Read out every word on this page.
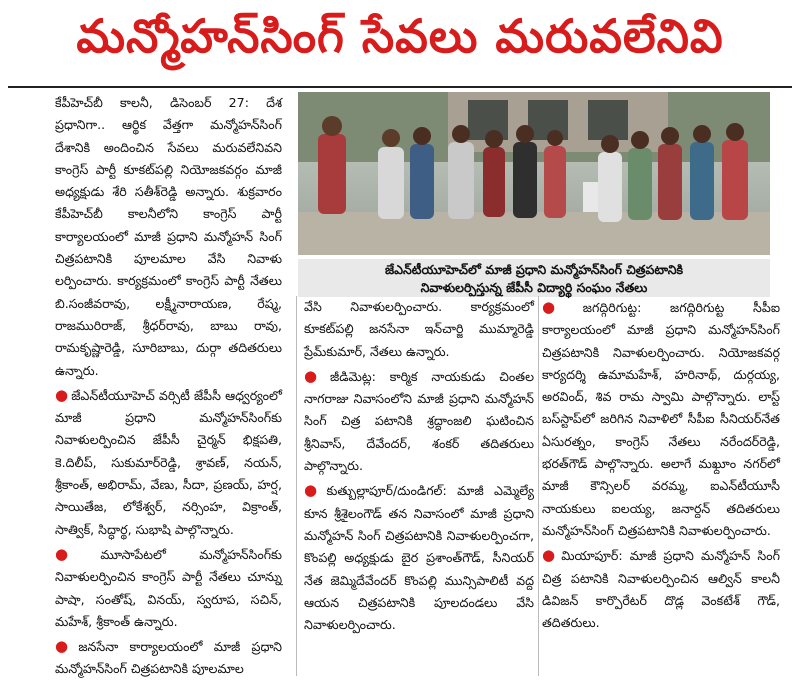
మన్మోహన్‌సింగ్ సేవలు మరువలేనివి

కేపీహెచ్‌బీ కాలనీ, డిసెంబర్ 27: దేశ ప్రధానిగా.. ఆర్థిక వేత్తగా మన్మోహన్‌సింగ్ దేశానికి అందించిన సేవలు మరువలేనివని కాంగ్రెస్ పార్టీ కూకట్‌పల్లి నియోజకవర్గం మాజీ అధ్యక్షుడు శేరి సతీశ్‌రెడ్డి అన్నారు. శుక్రవారం కేపీహెచ్‌బీ కాలనీలోని కాంగ్రెస్ పార్టీ కార్యాలయంలో మాజీ ప్రధాని మన్మోహన్ సింగ్ చిత్రపటానికి పూలమాల వేసి నివాళు లర్పించారు. కార్యక్రమంలో కాంగ్రెస్ పార్టీ నేతలు బి.సంజీవరావు, లక్ష్మీనారాయణ, రేష్మ, రాజమురిరాజ్, శ్రీధర్‌రావు, బాబు రావు, రామకృష్ణారెడ్డి, సూరిబాబు, దుర్గా తదితరులు ఉన్నారు.

● జేఎన్‌టీయూహెచ్ వర్సిటీ జేపీసీ ఆధ్వర్యంలో మాజీ ప్రధాని మన్మోహన్‌సింగ్‌కు నివాళులర్పించిన జేపీసీ చైర్మన్ భిక్షపతి, కె.దిలీప్, సుకుమార్‌రెడ్డి, శ్రావణ్, నయన్, శ్రీకాంత్, అభిరామ్, వేణు, సీదా, ప్రణయ్, హర్ష, సాయితేజ, లోకేశ్వర్, నర్సింహ, విక్రాంత్, సాత్విక్, సిద్ధార్థ, సుభాషి పాల్గొన్నారు.

● మూసాపేటలో మన్మోహన్‌సింగ్‌కు నివాళులర్పించిన కాంగ్రెస్ పార్టీ నేతలు చూన్ను పాషా, సంతోష్, వినయ్, స్వరూప, సచిన్, మహేశ్, శ్రీకాంత్ ఉన్నారు.

● జనసేనా కార్యాలయంలో మాజీ ప్రధాని మన్మోహన్‌సింగ్ చిత్రపటానికి పూలమాల

జేఎన్‌టీయూహెచ్‌లో మాజీ ప్రధాని మన్మోహన్‌సింగ్ చిత్రపటానికి
నివాళులర్పిస్తున్న జేపీసీ విద్యార్థి సంఘం నేతలు

వేసి నివాళులర్పించారు. కార్యక్రమంలో కూకట్‌పల్లి జనసేనా ఇన్‌చార్జి ముమ్మారెడ్డి ప్రేమ్‌కుమార్, నేతలు ఉన్నారు.

● జీడిమెట్ల: కార్మిక నాయకుడు చింతల నాగరాజు నివాసంలోని మాజీ ప్రధాని మన్మోహన్ సింగ్ చిత్ర పటానికి శ్రద్ధాంజలి ఘటించిన శ్రీనివాస్, దేవేందర్, శంకర్ తదితరులు పాల్గొన్నారు.

● కుత్బుల్లాపూర్/దుండిగల్: మాజీ ఎమ్మెల్యే కూన శ్రీశైలంగౌడ్ తన నివాసంలో మాజీ ప్రధాని మన్మోహన్ సింగ్ చిత్రపటానికి నివాళులర్పించగా, కొంపల్లి అధ్యక్షుడు బైర ప్రశాంత్‌గౌడ్, సీనియర్ నేత జెమ్మిదేవేందర్ కొంపల్లి మున్సిపాలిటీ వద్ద ఆయన చిత్రపటానికి పూలదండలు వేసి నివాళులర్పించారు.

● జగద్గిరిగుట్ట: జగద్గిరిగుట్ట సీపీఐ కార్యాలయంలో మాజీ ప్రధాని మన్మోహన్‌సింగ్ చిత్రపటానికి నివాళులర్పించారు. నియోజకవర్గ కార్యదర్శి ఉమామహేశ్, హరినాథ్, దుర్గయ్య, అరవింద్, శివ రామ స్వామి పాల్గొన్నారు. లాస్ట్ బస్‌స్టాప్‌లో జరిగిన నివాళిలో సీపీఐ సీనియర్‌నేత ఏసురత్నం, కాంగ్రెస్ నేతలు నరేందర్‌రెడ్డి, భరత్‌గౌడ్ పాల్గొన్నారు. అలాగే మఖ్దూం నగర్‌లో మాజీ కౌన్సిలర్ వరమ్మ, ఐఎన్‌టీయూసీ నాయకులు ఐలయ్య, జనార్దన్ తదితరులు మన్మోహన్‌సింగ్ చిత్రపటానికి నివాళులర్పించారు.

● మియాపూర్: మాజీ ప్రధాని మన్మోహన్ సింగ్ చిత్ర పటానికి నివాళులర్పించిన ఆల్విన్ కాలనీ డివిజన్ కార్పొరేటర్ దొడ్ల వెంకటేశ్ గౌడ్, తదితరులు.
